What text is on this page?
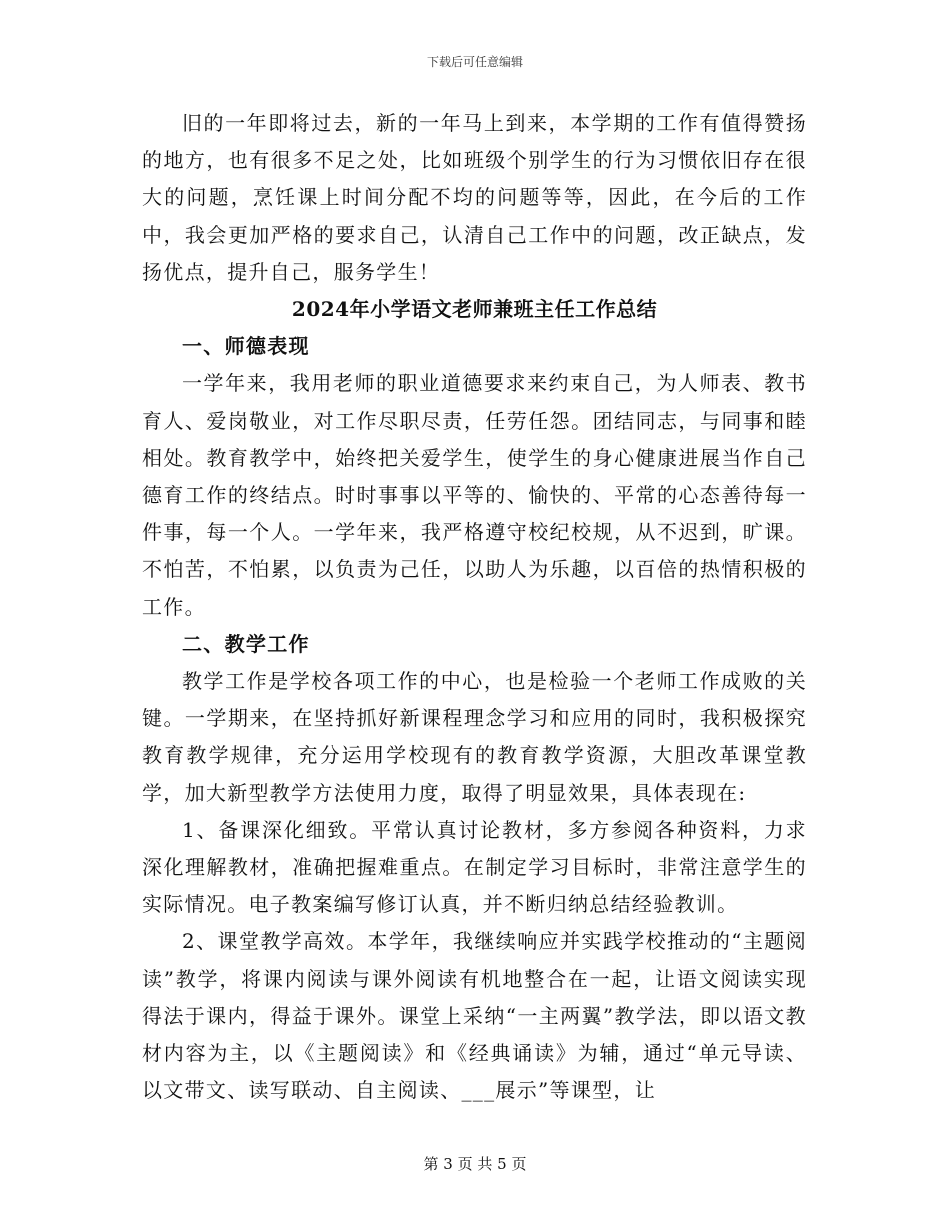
下载后可任意编辑

旧的一年即将过去，新的一年马上到来，本学期的工作有值得赞扬的地方，也有很多不足之处，比如班级个别学生的行为习惯依旧存在很大的问题，烹饪课上时间分配不均的问题等等，因此，在今后的工作中，我会更加严格的要求自己，认清自己工作中的问题，改正缺点，发扬优点，提升自己，服务学生！

2024年小学语文老师兼班主任工作总结

一、师德表现

一学年来，我用老师的职业道德要求来约束自己，为人师表、教书育人、爱岗敬业，对工作尽职尽责，任劳任怨。团结同志，与同事和睦相处。教育教学中，始终把关爱学生，使学生的身心健康进展当作自己德育工作的终结点。时时事事以平等的、愉快的、平常的心态善待每一件事，每一个人。一学年来，我严格遵守校纪校规，从不迟到，旷课。不怕苦，不怕累，以负责为己任，以助人为乐趣，以百倍的热情积极的工作。

二、教学工作

教学工作是学校各项工作的中心，也是检验一个老师工作成败的关键。一学期来，在坚持抓好新课程理念学习和应用的同时，我积极探究教育教学规律，充分运用学校现有的教育教学资源，大胆改革课堂教学，加大新型教学方法使用力度，取得了明显效果，具体表现在:

1、备课深化细致。平常认真讨论教材，多方参阅各种资料，力求深化理解教材，准确把握难重点。在制定学习目标时，非常注意学生的实际情况。电子教案编写修订认真，并不断归纳总结经验教训。

2、课堂教学高效。本学年，我继续响应并实践学校推动的“主题阅读”教学，将课内阅读与课外阅读有机地整合在一起，让语文阅读实现得法于课内，得益于课外。课堂上采纳“一主两翼”教学法，即以语文教材内容为主，以《主题阅读》和《经典诵读》为辅，通过“单元导读、以文带文、读写联动、自主阅读、___展示”等课型，让

第 3 页 共 5 页
